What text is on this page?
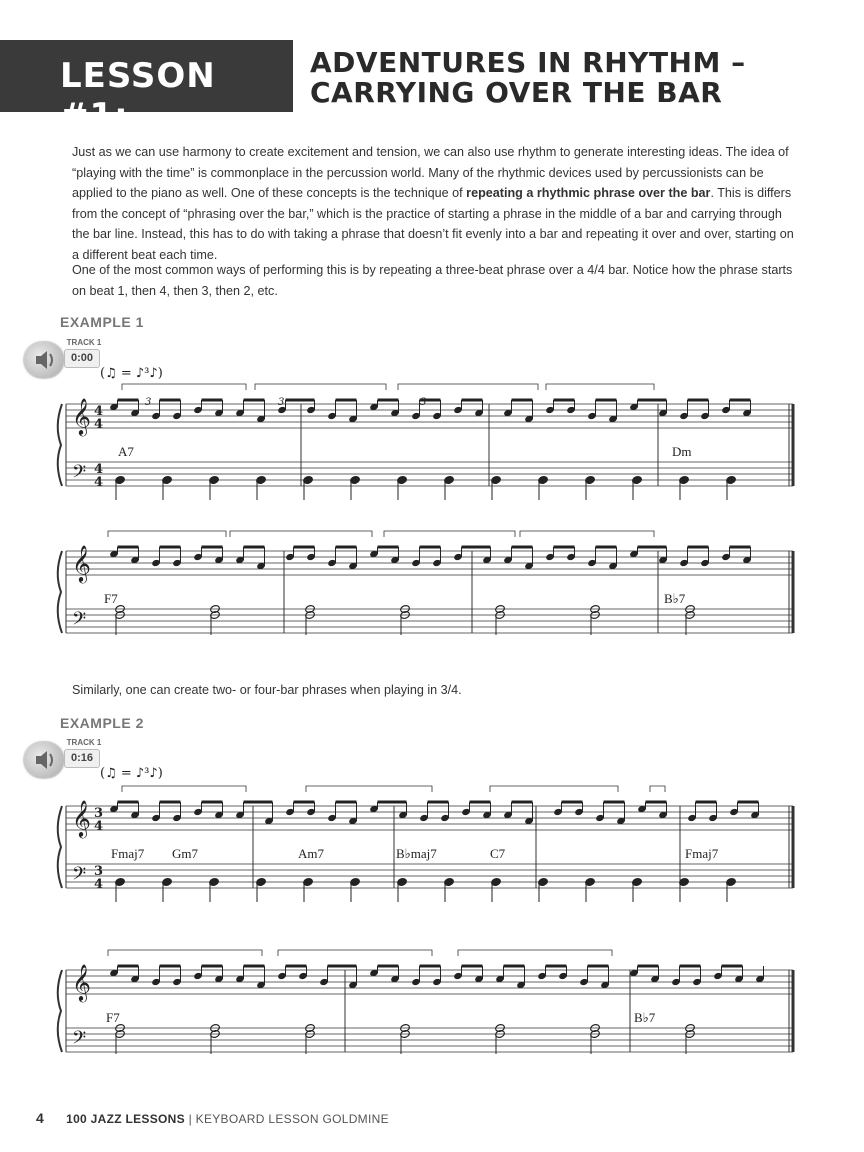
LESSON #1:
ADVENTURES IN RHYTHM –
CARRYING OVER THE BAR
Just as we can use harmony to create excitement and tension, we can also use rhythm to generate interesting ideas. The idea of “playing with the time” is commonplace in the percussion world. Many of the rhythmic devices used by percussionists can be applied to the piano as well. One of these concepts is the technique of repeating a rhythmic phrase over the bar. This is differs from the concept of “phrasing over the bar,” which is the practice of starting a phrase in the middle of a bar and carrying through the bar line. Instead, this has to do with taking a phrase that doesn’t fit evenly into a bar and repeating it over and over, starting on a different beat each time.
One of the most common ways of performing this is by repeating a three-beat phrase over a 4/4 bar. Notice how the phrase starts on beat 1, then 4, then 3, then 2, etc.
Similarly, one can create two- or four-bar phrases when playing in 3/4.
EXAMPLE 1
TRACK 1
0:00
(♫ = ♪³♪)
EXAMPLE 2
TRACK 1
0:16
(♫ = ♪³♪)
𝄞
𝄢
4
4
4
4
3	3	3
A7	Dm
𝄞
𝄢
F7	B♭7
𝄞
𝄢
3
4
3
4
Fmaj7 Gm7	Am7	B♭maj7	C7	Fmaj7
𝄞
𝄢
F7	B♭7
4 100 JAZZ LESSONS | KEYBOARD LESSON GOLDMINE
